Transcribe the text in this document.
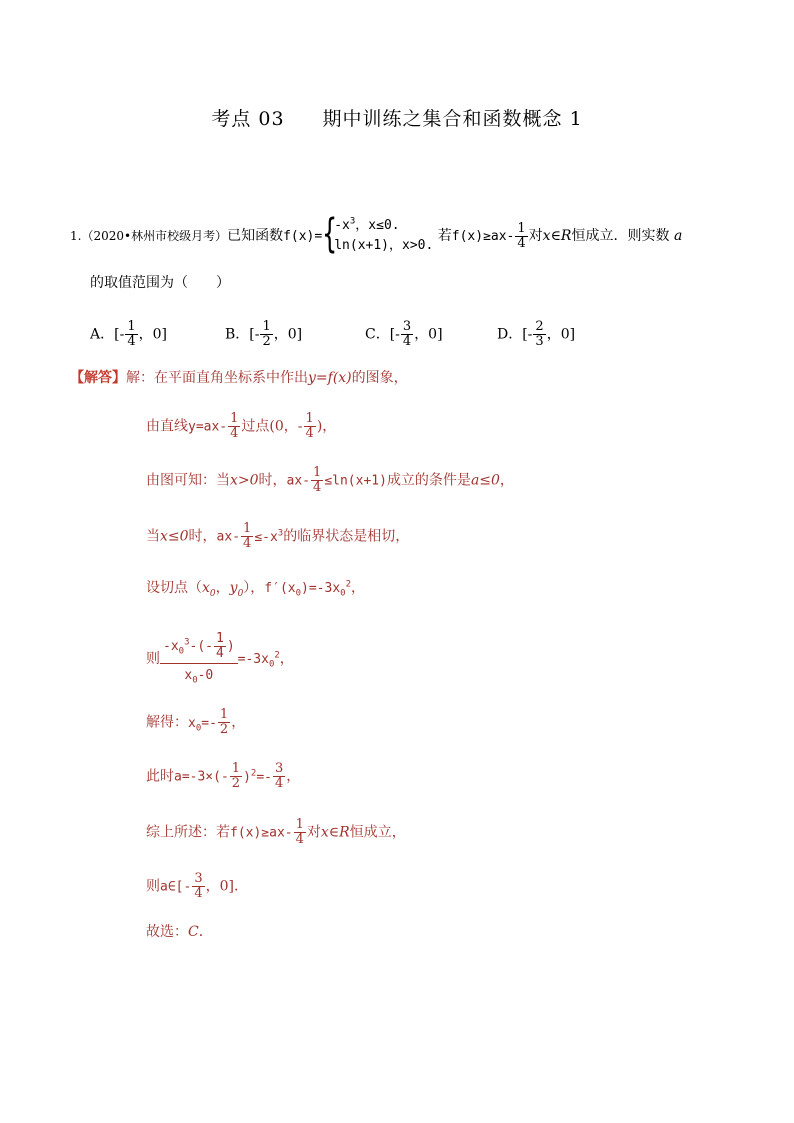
考点 03 期中训练之集合和函数概念 1
1.（2020•林州市校级月考）已知函数f(x)= {
$-x^3$，x≤0.
ln(x+1)，x>0.
若$f(x)\ge ax- \frac{1}{4}$ 对x∈R恒成立．则实数 a
的取值范围为（　　）
A．[- $\frac{1}{4}$ ，0]	B．[- $\frac{1}{2}$ ，0]	C．[- $\frac{3}{4}$ ，0]	D．[- $\frac{2}{3}$ ，0]
【解答】解：在平面直角坐标系中作出y=f(x)的图象，
由直线$y=ax- \frac{1}{4}$ 过点(0，- $\frac{1}{4}$ )，
由图可知：当x>0时，$ax- \frac{1}{4} \le\ln(x+1)$成立的条件是a≤0，
当x≤0时，$ax- \frac{1}{4} \le-x^3$的临界状态是相切，
设切点（$x_0$，$y_0$），$f'(x_0)=-3x_0^2$，
则 $\frac{-x_0^3-(- \frac{1}{4} )}{x_0-0} =-3x_0^2$，
解得：$x_0=- \frac{1}{2}$ ，
此时$a=-3\times(- \frac{1}{2} )^2=- \frac{3}{4}$ ，
综上所述：若$f(x)\ge ax- \frac{1}{4}$ 对x∈R恒成立，
则a∈[- $\frac{3}{4}$ ，0]．
故选：C．
